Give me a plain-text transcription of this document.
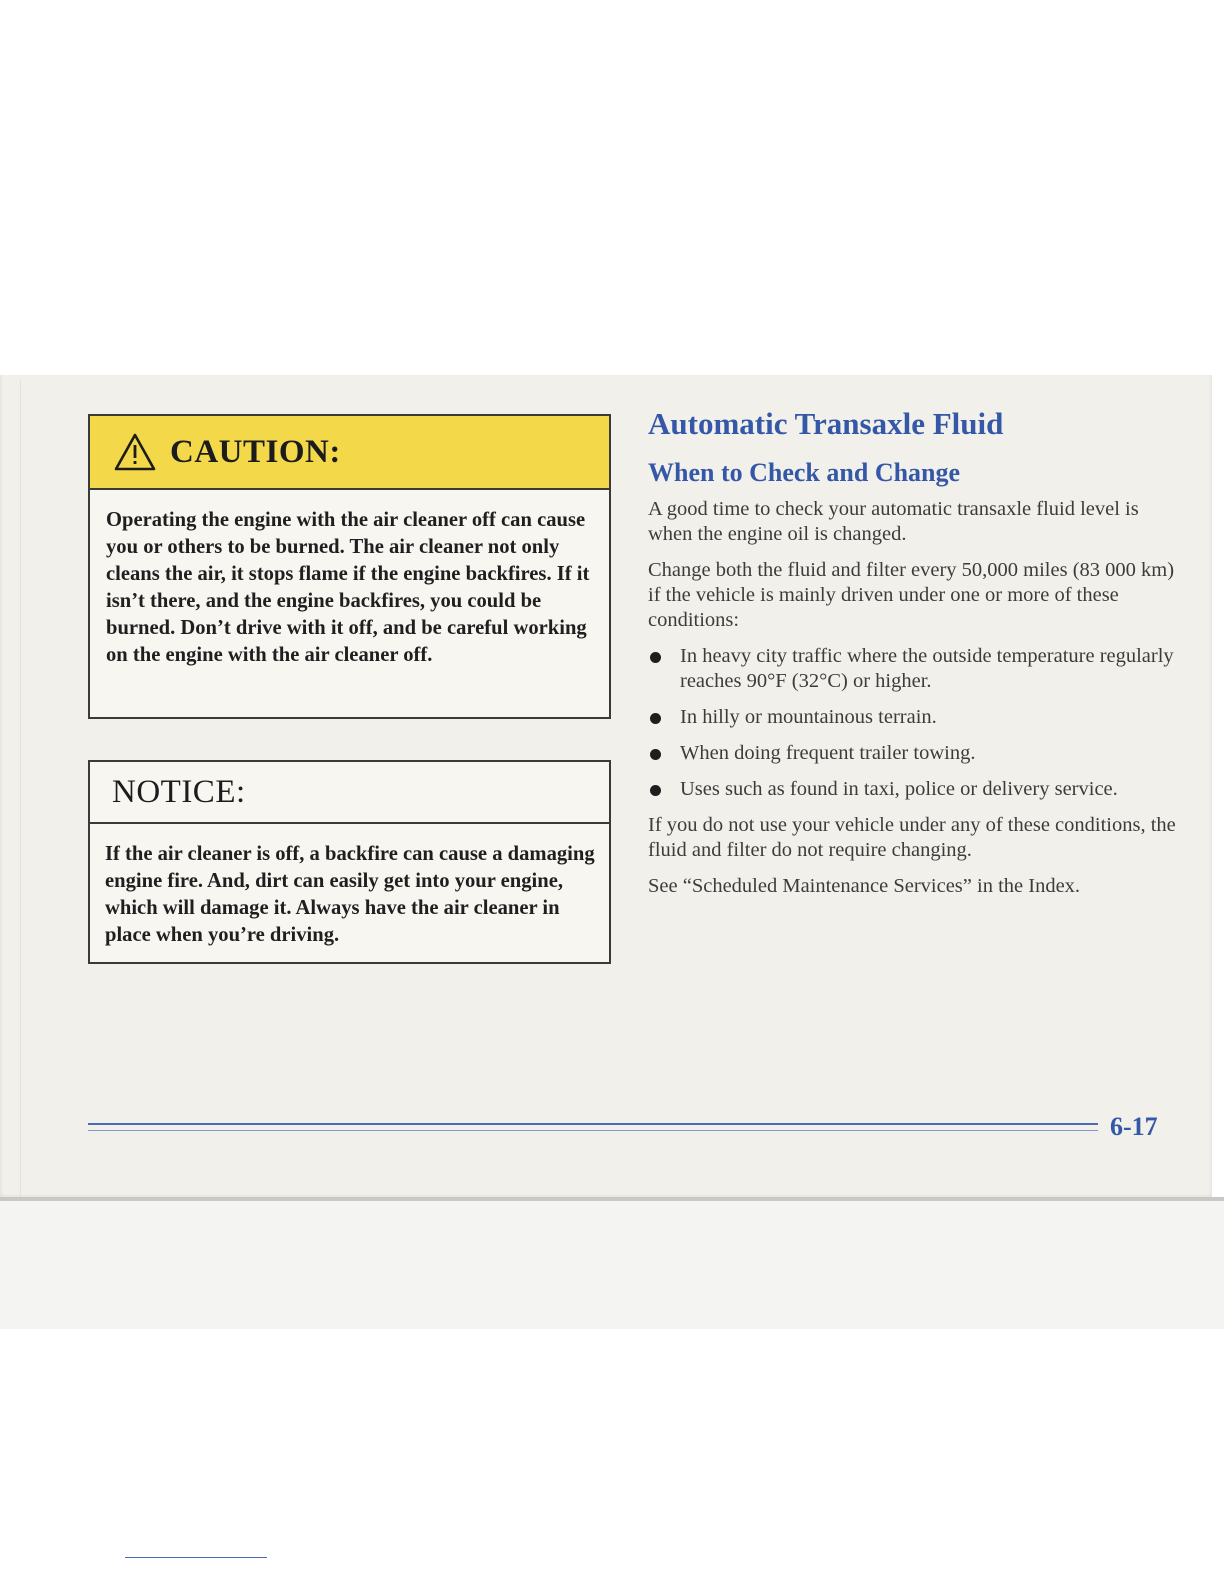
CAUTION:
Operating the engine with the air cleaner off can cause you or others to be burned. The air cleaner not only cleans the air, it stops flame if the engine backfires. If it isn’t there, and the engine backfires, you could be burned. Don’t drive with it off, and be careful working on the engine with the air cleaner off.
NOTICE:
If the air cleaner is off, a backfire can cause a damaging engine fire. And, dirt can easily get into your engine, which will damage it. Always have the air cleaner in place when you’re driving.
Automatic Transaxle Fluid
When to Check and Change

A good time to check your automatic transaxle fluid level is when the engine oil is changed.

Change both the fluid and filter every 50,000 miles (83 000 km) if the vehicle is mainly driven under one or more of these conditions:

In heavy city traffic where the outside temperature regularly reaches 90°F (32°C) or higher.
In hilly or mountainous terrain.
When doing frequent trailer towing.
Uses such as found in taxi, police or delivery service.

If you do not use your vehicle under any of these conditions, the fluid and filter do not require changing.

See “Scheduled Maintenance Services” in the Index.

6-17
